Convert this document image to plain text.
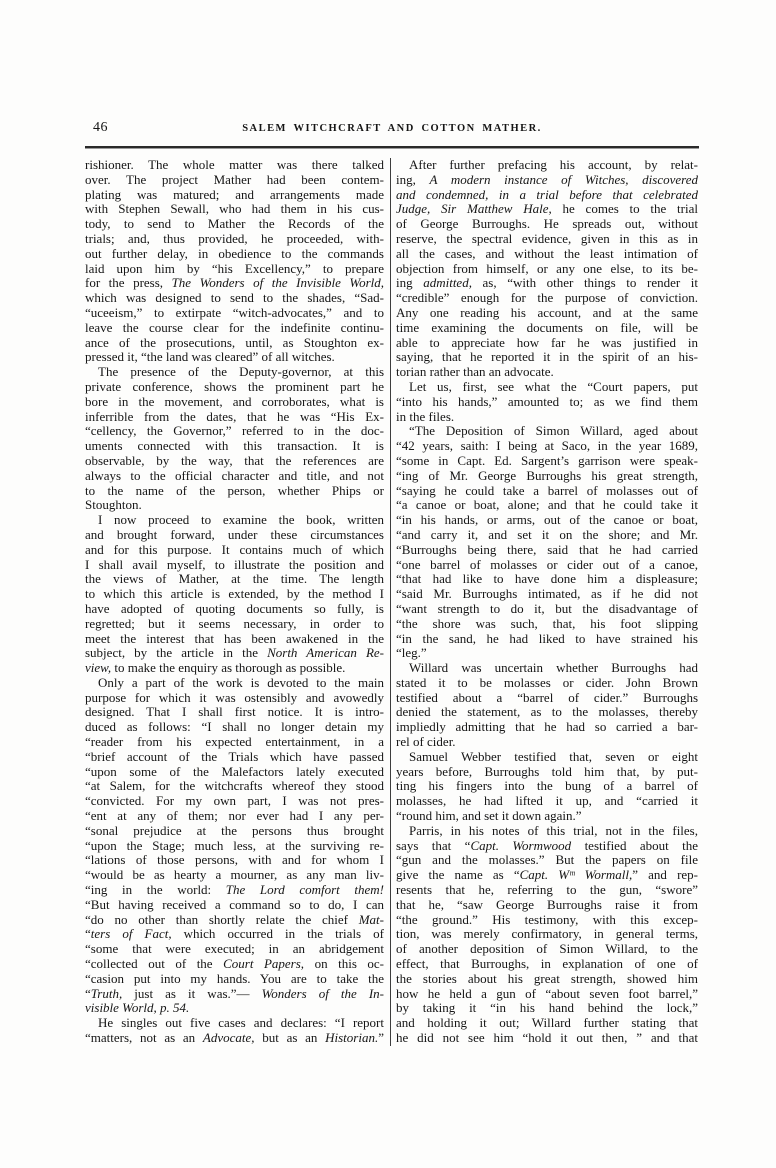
46	SALEM WITCHCRAFT AND COTTON MATHER.
rishioner. The whole matter was there talked
over. The project Mather had been contem-
plating was matured; and arrangements made
with Stephen Sewall, who had them in his cus-
tody, to send to Mather the Records of the
trials; and, thus provided, he proceeded, with-
out further delay, in obedience to the commands
laid upon him by “his Excellency,” to prepare
for the press, The Wonders of the Invisible World,
which was designed to send to the shades, “Sad-
“uceeism,” to extirpate “witch-advocates,” and to
leave the course clear for the indefinite continu-
ance of the prosecutions, until, as Stoughton ex-
pressed it, “the land was cleared” of all witches.
The presence of the Deputy-governor, at this
private conference, shows the prominent part he
bore in the movement, and corroborates, what is
inferrible from the dates, that he was “His Ex-
“cellency, the Governor,” referred to in the doc-
uments connected with this transaction. It is
observable, by the way, that the references are
always to the official character and title, and not
to the name of the person, whether Phips or
Stoughton.
I now proceed to examine the book, written
and brought forward, under these circumstances
and for this purpose. It contains much of which
I shall avail myself, to illustrate the position and
the views of Mather, at the time. The length
to which this article is extended, by the method I
have adopted of quoting documents so fully, is
regretted; but it seems necessary, in order to
meet the interest that has been awakened in the
subject, by the article in the North American Re-
view, to make the enquiry as thorough as possible.
Only a part of the work is devoted to the main
purpose for which it was ostensibly and avowedly
designed. That I shall first notice. It is intro-
duced as follows: “I shall no longer detain my
“reader from his expected entertainment, in a
“brief account of the Trials which have passed
“upon some of the Malefactors lately executed
“at Salem, for the witchcrafts whereof they stood
“convicted. For my own part, I was not pres-
“ent at any of them; nor ever had I any per-
“sonal prejudice at the persons thus brought
“upon the Stage; much less, at the surviving re-
“lations of those persons, with and for whom I
“would be as hearty a mourner, as any man liv-
“ing in the world: The Lord comfort them!
“But having received a command so to do, I can
“do no other than shortly relate the chief Mat-
“ters of Fact, which occurred in the trials of
“some that were executed; in an abridgement
“collected out of the Court Papers, on this oc-
“casion put into my hands. You are to take the
“Truth, just as it was.”— Wonders of the In-
visible World, p. 54.
He singles out five cases and declares: “I report
“matters, not as an Advocate, but as an Historian.”
After further prefacing his account, by relat-
ing, A modern instance of Witches, discovered
and condemned, in a trial before that celebrated
Judge, Sir Matthew Hale, he comes to the trial
of George Burroughs. He spreads out, without
reserve, the spectral evidence, given in this as in
all the cases, and without the least intimation of
objection from himself, or any one else, to its be-
ing admitted, as, “with other things to render it
“credible” enough for the purpose of conviction.
Any one reading his account, and at the same
time examining the documents on file, will be
able to appreciate how far he was justified in
saying, that he reported it in the spirit of an his-
torian rather than an advocate.
Let us, first, see what the “Court papers, put
“into his hands,” amounted to; as we find them
in the files.
“The Deposition of Simon Willard, aged about
“42 years, saith: I being at Saco, in the year 1689,
“some in Capt. Ed. Sargent’s garrison were speak-
“ing of Mr. George Burroughs his great strength,
“saying he could take a barrel of molasses out of
“a canoe or boat, alone; and that he could take it
“in his hands, or arms, out of the canoe or boat,
“and carry it, and set it on the shore; and Mr.
“Burroughs being there, said that he had carried
“one barrel of molasses or cider out of a canoe,
“that had like to have done him a displeasure;
“said Mr. Burroughs intimated, as if he did not
“want strength to do it, but the disadvantage of
“the shore was such, that, his foot slipping
“in the sand, he had liked to have strained his
“leg.”
Willard was uncertain whether Burroughs had
stated it to be molasses or cider. John Brown
testified about a “barrel of cider.” Burroughs
denied the statement, as to the molasses, thereby
impliedly admitting that he had so carried a bar-
rel of cider.
Samuel Webber testified that, seven or eight
years before, Burroughs told him that, by put-
ting his fingers into the bung of a barrel of
molasses, he had lifted it up, and “carried it
“round him, and set it down again.”
Parris, in his notes of this trial, not in the files,
says that “Capt. Wormwood testified about the
“gun and the molasses.” But the papers on file
give the name as “Capt. Wᵐ Wormall,” and rep-
resents that he, referring to the gun, “swore”
that he, “saw George Burroughs raise it from
“the ground.” His testimony, with this excep-
tion, was merely confirmatory, in general terms,
of another deposition of Simon Willard, to the
effect, that Burroughs, in explanation of one of
the stories about his great strength, showed him
how he held a gun of “about seven foot barrel,”
by taking it “in his hand behind the lock,”
and holding it out; Willard further stating that
he did not see him “hold it out then, ” and that
